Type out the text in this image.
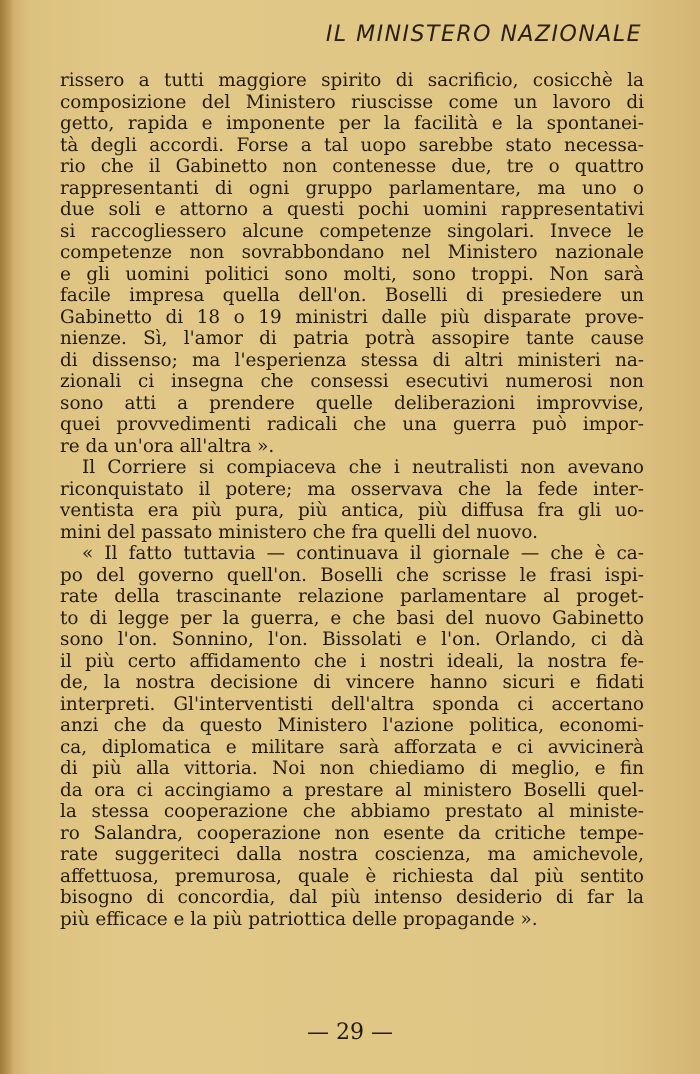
IL MINISTERO NAZIONALE
rissero a tutti maggiore spirito di sacrificio, cosicchè la
composizione del Ministero riuscisse come un lavoro di
getto, rapida e imponente per la facilità e la spontanei-
tà degli accordi. Forse a tal uopo sarebbe stato necessa-
rio che il Gabinetto non contenesse due, tre o quattro
rappresentanti di ogni gruppo parlamentare, ma uno o
due soli e attorno a questi pochi uomini rappresentativi
si raccogliessero alcune competenze singolari. Invece le
competenze non sovrabbondano nel Ministero nazionale
e gli uomini politici sono molti, sono troppi. Non sarà
facile impresa quella dell'on. Boselli di presiedere un
Gabinetto di 18 o 19 ministri dalle più disparate prove-
nienze. Sì, l'amor di patria potrà assopire tante cause
di dissenso; ma l'esperienza stessa di altri ministeri na-
zionali ci insegna che consessi esecutivi numerosi non
sono atti a prendere quelle deliberazioni improvvise,
quei provvedimenti radicali che una guerra può impor-
re da un'ora all'altra ».
Il Corriere si compiaceva che i neutralisti non avevano
riconquistato il potere; ma osservava che la fede inter-
ventista era più pura, più antica, più diffusa fra gli uo-
mini del passato ministero che fra quelli del nuovo.
« Il fatto tuttavia — continuava il giornale — che è ca-
po del governo quell'on. Boselli che scrisse le frasi ispi-
rate della trascinante relazione parlamentare al proget-
to di legge per la guerra, e che basi del nuovo Gabinetto
sono l'on. Sonnino, l'on. Bissolati e l'on. Orlando, ci dà
il più certo affidamento che i nostri ideali, la nostra fe-
de, la nostra decisione di vincere hanno sicuri e fidati
interpreti. Gl'interventisti dell'altra sponda ci accertano
anzi che da questo Ministero l'azione politica, economi-
ca, diplomatica e militare sarà afforzata e ci avvicinerà
di più alla vittoria. Noi non chiediamo di meglio, e fin
da ora ci accingiamo a prestare al ministero Boselli quel-
la stessa cooperazione che abbiamo prestato al ministe-
ro Salandra, cooperazione non esente da critiche tempe-
rate suggeriteci dalla nostra coscienza, ma amichevole,
affettuosa, premurosa, quale è richiesta dal più sentito
bisogno di concordia, dal più intenso desiderio di far la
più efficace e la più patriottica delle propagande ».
— 29 —
